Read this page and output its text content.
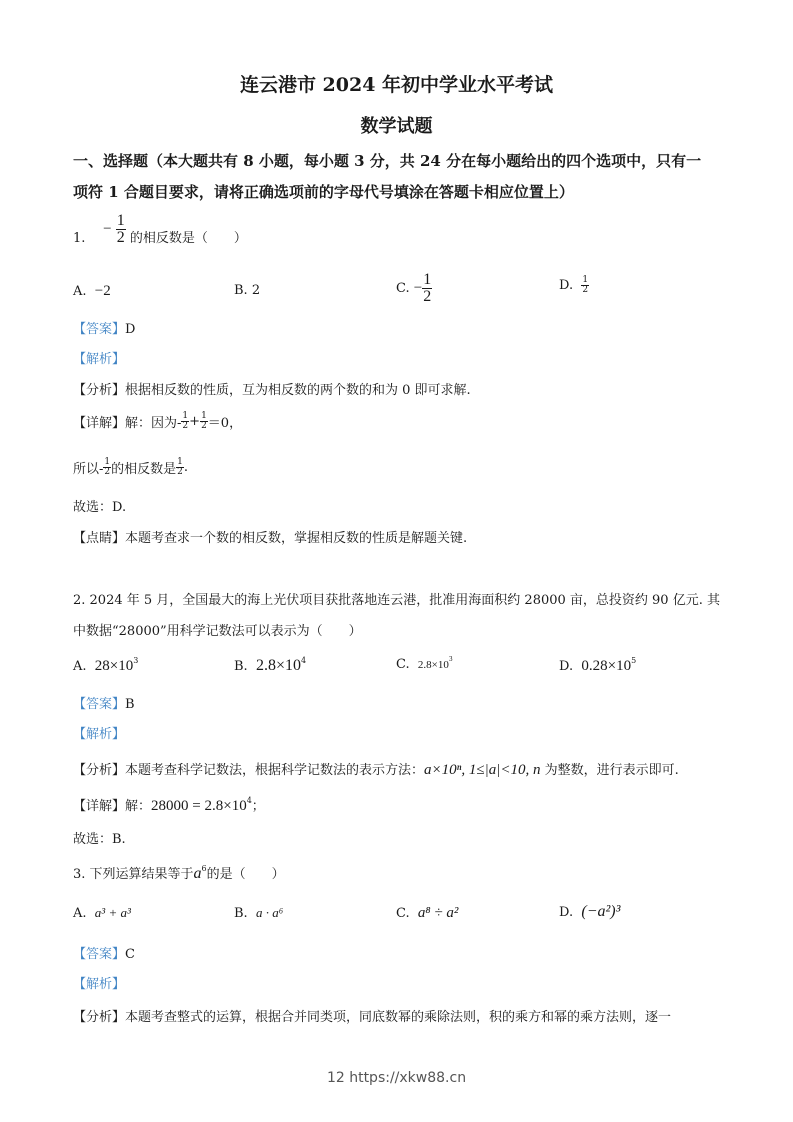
连云港市 2024 年初中学业水平考试
数学试题
一、选择题（本大题共有 8 小题，每小题 3 分，共 24 分在每小题给出的四个选项中，只有一
项符 1 合题目要求，请将正确选项前的字母代号填涂在答题卡相应位置上）
1. − $\frac{1}{2}$ 的相反数是（　　）
A. −2	B. 2	C. − $\frac{1}{2}$	D. $\frac{1}{2}$
【答案】D
【解析】
【分析】根据相反数的性质，互为相反数的两个数的和为 0 即可求解.
【详解】解：因为- $\frac{1}{2} + \frac{1}{2} =0$，
所以- $\frac{1}{2}$ 的相反数是 $\frac{1}{2}$ .
故选：D.
【点睛】本题考查求一个数的相反数，掌握相反数的性质是解题关键.
2. 2024 年 5 月，全国最大的海上光伏项目获批落地连云港，批准用海面积约 28000 亩，总投资约 90 亿元. 其
中数据“28000”用科学记数法可以表示为（　　）
A. $28\times 10^3$	B. $2.8\times 10^4$	C. $2.8\times 10^3$	D. $0.28\times 10^5$
【答案】B
【解析】
【分析】本题考查科学记数法，根据科学记数法的表示方法：a×10ⁿ, 1≤|a|<10, n 为整数，进行表示即可.
【详解】解：$28000 = 2.8\times 10^4$；
故选：B.
3. 下列运算结果等于$a^6$的是（　　）
A. a³ + a³	B. a · a⁶	C. a⁸ ÷ a²	D. (−a²)³
【答案】C
【解析】
【分析】本题考查整式的运算，根据合并同类项，同底数幂的乘除法则，积的乘方和幂的乘方法则，逐一
12 https://xkw88.cn
